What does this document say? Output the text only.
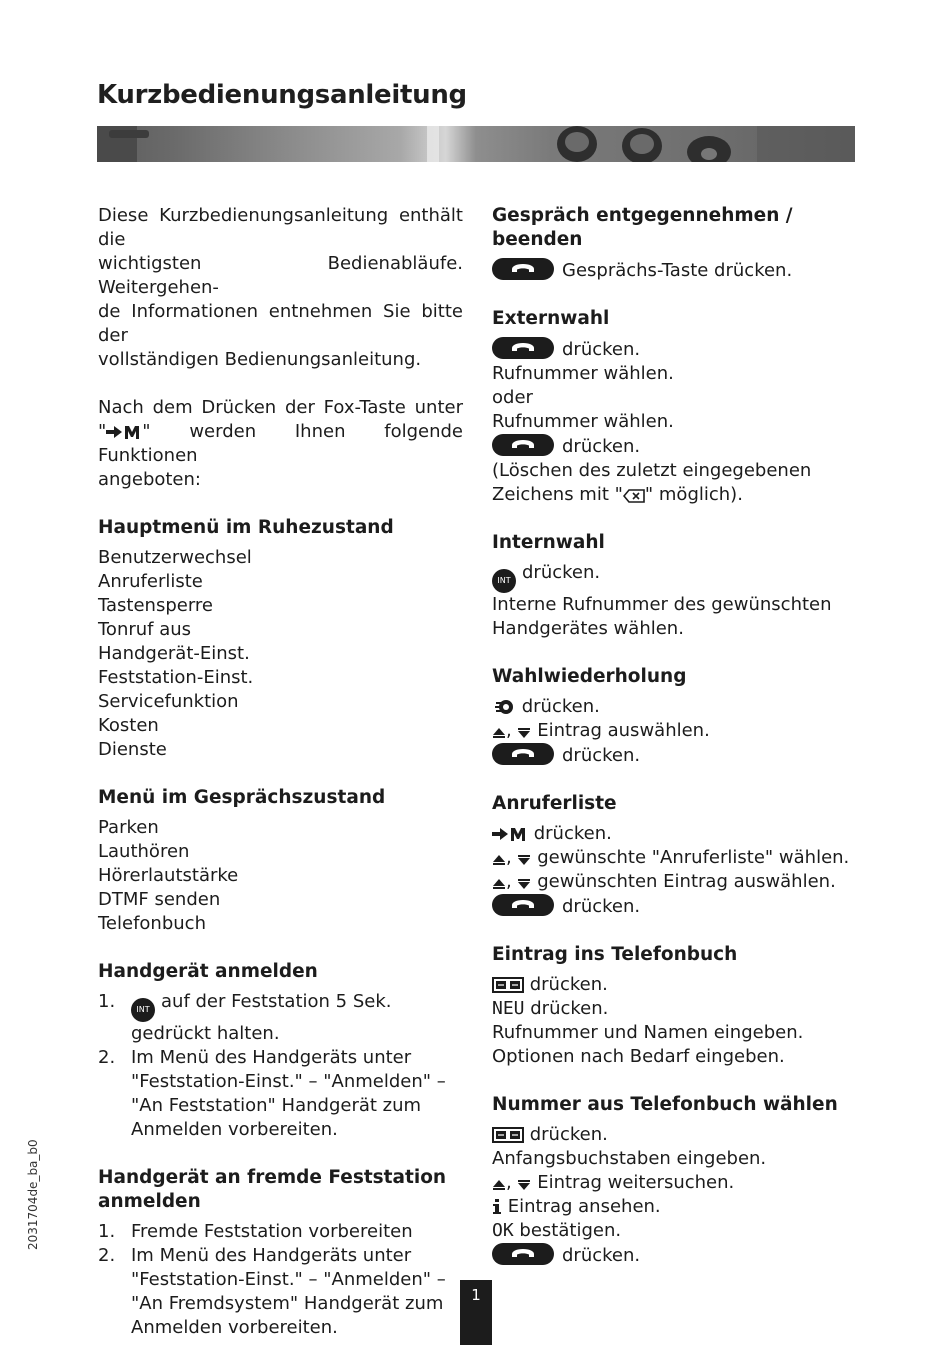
Kurzbedienungsanleitung
Diese Kurzbedienungsanleitung enthält die
wichtigsten Bedienabläufe. Weitergehen-
de Informationen entnehmen Sie bitte der
vollständigen Bedienungsanleitung.
Nach dem Drücken der Fox-Taste unter
" " werden Ihnen folgende Funktionen
angeboten:
Hauptmenü im Ruhezustand
Benutzerwechsel
Anruferliste
Tastensperre
Tonruf aus
Handgerät-Einst.
Feststation-Einst.
Servicefunktion
Kosten
Dienste
Menü im Gesprächszustand
Parken
Lauthören
Hörerlautstärke
DTMF senden
Telefonbuch
Handgerät anmelden
1.	INT auf der Feststation 5 Sek.
gedrückt halten.
2. Im Menü des Handgeräts unter
"Feststation-Einst." – "Anmelden" –
"An Feststation" Handgerät zum
Anmelden vorbereiten.
Handgerät an fremde Feststation
anmelden
1. Fremde Feststation vorbereiten
2. Im Menü des Handgeräts unter
"Feststation-Einst." – "Anmelden" –
"An Fremdsystem" Handgerät zum
Anmelden vorbereiten.
Gespräch entgegennehmen / beenden
Gesprächs-Taste drücken.
Externwahl
drücken.
Rufnummer wählen.
oder
Rufnummer wählen.
drücken.
(Löschen des zuletzt eingegebenen
Zeichens mit " " möglich).
Internwahl
INT drücken.
Interne Rufnummer des gewünschten
Handgerätes wählen.
Wahlwiederholung
drücken.
, Eintrag auswählen.
drücken.
Anruferliste
drücken.
, gewünschte "Anruferliste" wählen.
, gewünschten Eintrag auswählen.
drücken.
Eintrag ins Telefonbuch
drücken.
NEU drücken.
Rufnummer und Namen eingeben.
Optionen nach Bedarf eingeben.
Nummer aus Telefonbuch wählen
drücken.
Anfangsbuchstaben eingeben.
, Eintrag weitersuchen.
Eintrag ansehen.
OK bestätigen.
drücken.
2031704de_ba_b0
1
